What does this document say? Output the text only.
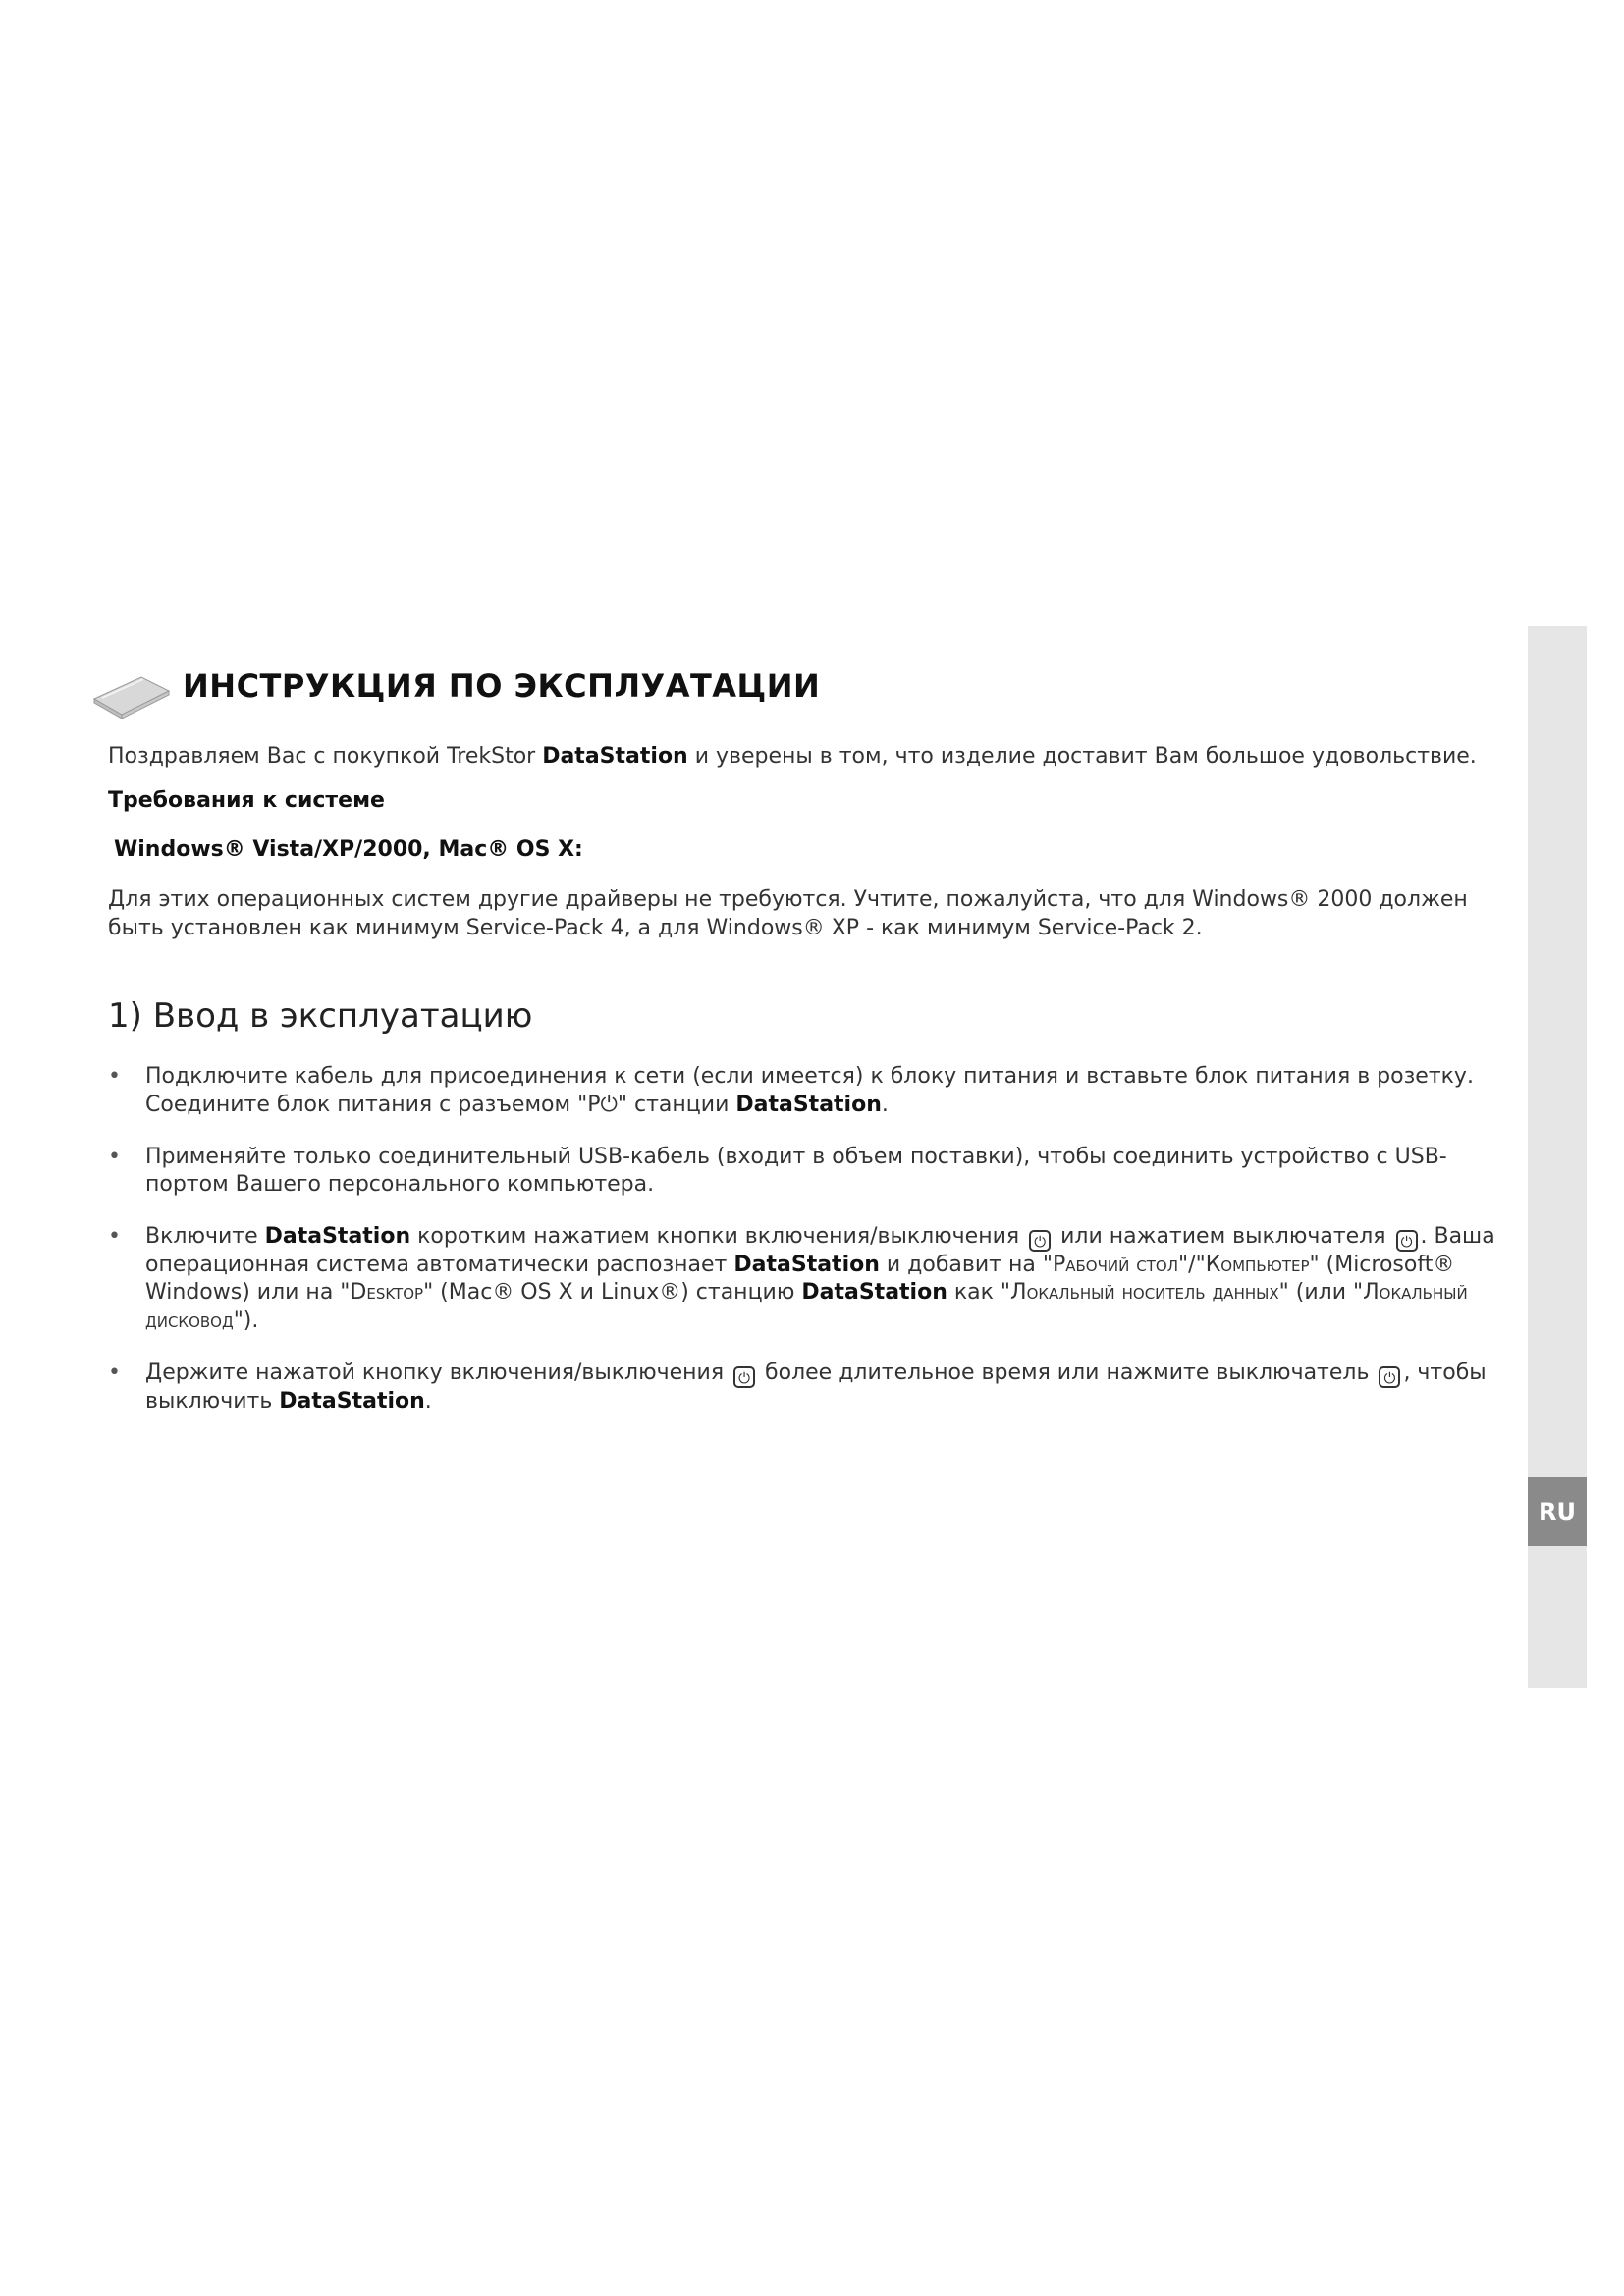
RU
ИНСТРУКЦИЯ ПО ЭКСПЛУАТАЦИИ

Поздравляем Вас с покупкой TrekStor DataStation и уверены в том, что изделие доставит Вам большое удовольствие.

Требования к системе

Windows® Vista/XP/2000, Mac® OS X:

Для этих операционных систем другие драйверы не требуются. Учтите, пожалуйста, что для Windows® 2000 должен быть установлен как минимум Service-Pack 4, а для Windows® XP - как минимум Service-Pack 2.

1) Ввод в эксплуатацию
• Подключите кабель для присоединения к сети (если имеется) к блоку питания и вставьте блок питания в розетку. Соедините блок питания с разъемом "P⏻" станции DataStation.
• Применяйте только соединительный USB-кабель (входит в объем поставки), чтобы соединить устройство с USB-портом Вашего персонального компьютера.
• Включите DataStation коротким нажатием кнопки включения/выключения ⏻ или нажатием выключателя ⏻ . Ваша операционная система автоматически распознает DataStation и добавит на "Рабочий стол"/"Компьютер" (Microsoft® Windows) или на "Desktop" (Mac® OS X и Linux®) станцию DataStation как "Локальный носитель данных" (или "Локальный дисковод").
• Держите нажатой кнопку включения/выключения ⏻ более длительное время или нажмите выключатель ⏻ , чтобы выключить DataStation.
